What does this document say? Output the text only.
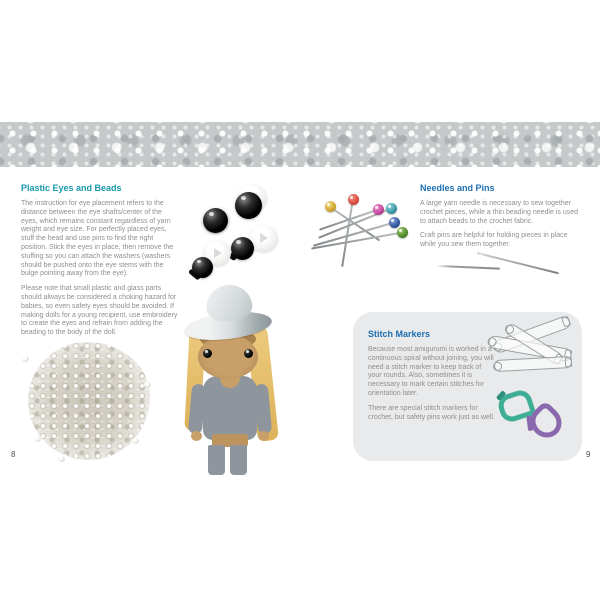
Plastic Eyes and Beads

The instruction for eye placement refers to the distance between the eye shafts/center of the eyes, which remains constant regardless of yarn weight and eye size. For perfectly placed eyes, stuff the head and use pins to find the right position. Stick the eyes in place, then remove the stuffing so you can attach the washers (washers should be pushed onto the eye stems with the bulge pointing away from the eye).

Please note that small plastic and glass parts should always be considered a choking hazard for babies, so even safety eyes should be avoided. If making dolls for a young recipient, use embroidery to create the eyes and refrain from adding the beading to the body of the doll.

Needles and Pins

A large yarn needle is necessary to sew together crochet pieces, while a thin beading needle is used to attach beads to the crochet fabric.

Craft pins are helpful for holding pieces in place while you sew them together.

Stitch Markers

Because most amigurumi is worked in a continuous spiral without joining, you will need a stitch marker to keep track of your rounds. Also, sometimes it is necessary to mark certain stitches for orientation later.

There are special stitch markers for crochet, but safety pins work just as well.

8	9
